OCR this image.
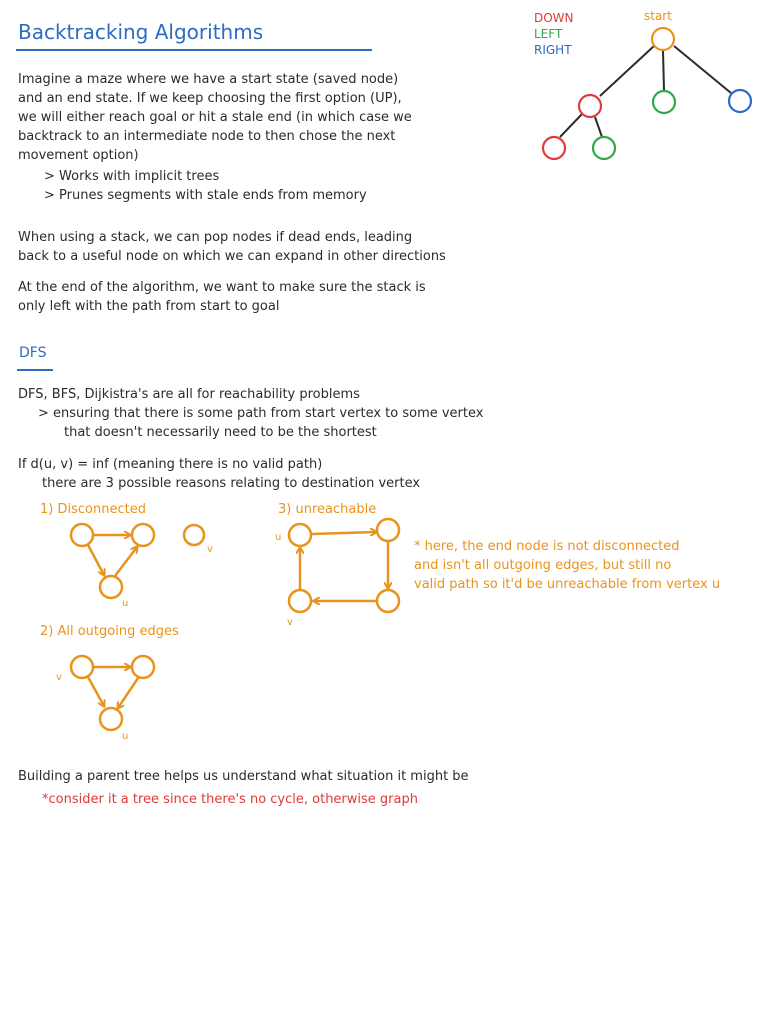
Backtracking Algorithms
Imagine a maze where we have a start state (saved node)
and an end state. If we keep choosing the first option (UP),
we will either reach goal or hit a stale end (in which case we
backtrack to an intermediate node to then chose the next
movement option)
> Works with implicit trees
> Prunes segments with stale ends from memory
When using a stack, we can pop nodes if dead ends, leading
back to a useful node on which we can expand in other directions
At the end of the algorithm, we want to make sure the stack is
only left with the path from start to goal
DOWN
LEFT
RIGHT
start
DFS
DFS, BFS, Dijkistra's are all for reachability problems
> ensuring that there is some path from start vertex to some vertex
that doesn't necessarily need to be the shortest
If d(u, v) = inf (meaning there is no valid path)
there are 3 possible reasons relating to destination vertex
1) Disconnected	3) unreachable
2) All outgoing edges
* here, the end node is not disconnected
and isn't all outgoing edges, but still no
valid path so it'd be unreachable from vertex u
v
u
u
v
v
u
Building a parent tree helps us understand what situation it might be
*consider it a tree since there's no cycle, otherwise graph
